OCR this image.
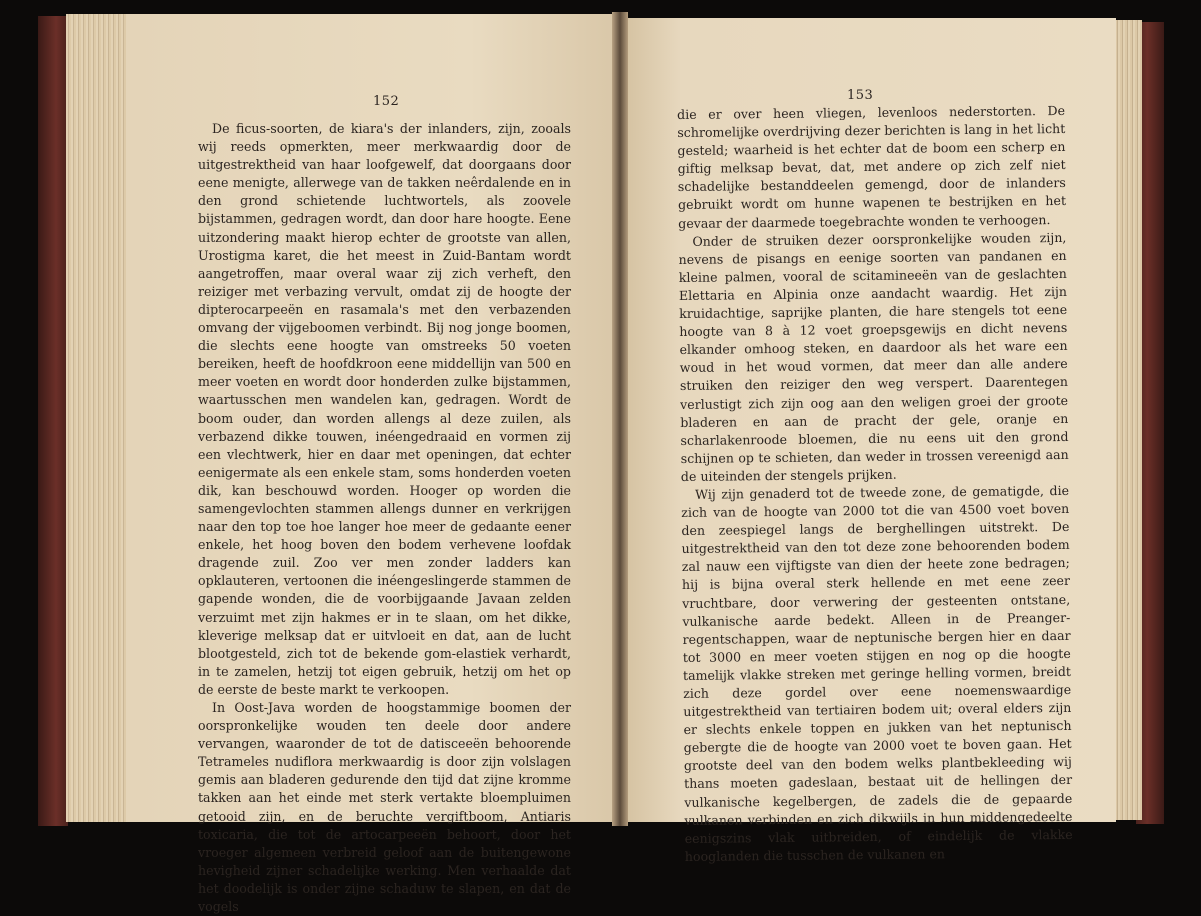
152

De ficus-soorten, de kiara's der inlanders, zijn, zooals wij reeds opmerkten, meer merkwaardig door de uitgestrektheid van haar loofgewelf, dat doorgaans door eene menigte, allerwege van de takken neêrdalende en in den grond schietende luchtwortels, als zoovele bijstammen, gedragen wordt, dan door hare hoogte. Eene uitzondering maakt hierop echter de grootste van allen, Urostigma karet, die het meest in Zuid-Bantam wordt aangetroffen, maar overal waar zij zich verheft, den reiziger met verbazing vervult, omdat zij de hoogte der dipterocarpeeën en rasamala's met den verbazenden omvang der vijgeboomen verbindt. Bij nog jonge boomen, die slechts eene hoogte van omstreeks 50 voeten bereiken, heeft de hoofdkroon eene middellijn van 500 en meer voeten en wordt door honderden zulke bijstammen, waartusschen men wandelen kan, gedragen. Wordt de boom ouder, dan worden allengs al deze zuilen, als verbazend dikke touwen, inéengedraaid en vormen zij een vlechtwerk, hier en daar met openingen, dat echter eenigermate als een enkele stam, soms honderden voeten dik, kan beschouwd worden. Hooger op worden die samengevlochten stammen allengs dunner en verkrijgen naar den top toe hoe langer hoe meer de gedaante eener enkele, het hoog boven den bodem verhevene loofdak dragende zuil. Zoo ver men zonder ladders kan opklauteren, vertoonen die inéengeslingerde stammen de gapende wonden, die de voorbijgaande Javaan zelden verzuimt met zijn hakmes er in te slaan, om het dikke, kleverige melksap dat er uitvloeit en dat, aan de lucht blootgesteld, zich tot de bekende gom-elastiek verhardt, in te zamelen, hetzij tot eigen gebruik, hetzij om het op de eerste de beste markt te verkoopen.

In Oost-Java worden de hoogstammige boomen der oorspronkelijke wouden ten deele door andere vervangen, waaronder de tot de datisceeën behoorende Tetrameles nudiflora merkwaardig is door zijn volslagen gemis aan bladeren gedurende den tijd dat zijne kromme takken aan het einde met sterk vertakte bloempluimen getooid zijn, en de beruchte vergiftboom, Antiaris toxicaria, die tot de artocarpeeën behoort, door het vroeger algemeen verbreid geloof aan de buitengewone hevigheid zijner schadelijke werking. Men verhaalde dat het doodelijk is onder zijne schaduw te slapen, en dat de vogels

153

die er over heen vliegen, levenloos nederstorten. De schromelijke overdrijving dezer berichten is lang in het licht gesteld; waarheid is het echter dat de boom een scherp en giftig melksap bevat, dat, met andere op zich zelf niet schadelijke bestanddeelen gemengd, door de inlanders gebruikt wordt om hunne wapenen te bestrijken en het gevaar der daarmede toegebrachte wonden te verhoogen.

Onder de struiken dezer oorspronkelijke wouden zijn, nevens de pisangs en eenige soorten van pandanen en kleine palmen, vooral de scitamineeën van de geslachten Elettaria en Alpinia onze aandacht waardig. Het zijn kruidachtige, saprijke planten, die hare stengels tot eene hoogte van 8 à 12 voet groepsgewijs en dicht nevens elkander omhoog steken, en daardoor als het ware een woud in het woud vormen, dat meer dan alle andere struiken den reiziger den weg verspert. Daarentegen verlustigt zich zijn oog aan den weligen groei der groote bladeren en aan de pracht der gele, oranje en scharlakenroode bloemen, die nu eens uit den grond schijnen op te schieten, dan weder in trossen vereenigd aan de uiteinden der stengels prijken.

Wij zijn genaderd tot de tweede zone, de gematigde, die zich van de hoogte van 2000 tot die van 4500 voet boven den zeespiegel langs de berghellingen uitstrekt. De uitgestrektheid van den tot deze zone behoorenden bodem zal nauw een vijftigste van dien der heete zone bedragen; hij is bijna overal sterk hellende en met eene zeer vruchtbare, door verwering der gesteenten ontstane, vulkanische aarde bedekt. Alleen in de Preanger-regentschappen, waar de neptunische bergen hier en daar tot 3000 en meer voeten stijgen en nog op die hoogte tamelijk vlakke streken met geringe helling vormen, breidt zich deze gordel over eene noemenswaardige uitgestrektheid van tertiairen bodem uit; overal elders zijn er slechts enkele toppen en jukken van het neptunisch gebergte die de hoogte van 2000 voet te boven gaan. Het grootste deel van den bodem welks plantbekleeding wij thans moeten gadeslaan, bestaat uit de hellingen der vulkanische kegelbergen, de zadels die de gepaarde vulkanen verbinden en zich dikwijls in hun middengedeelte eenigszins vlak uitbreiden, of eindelijk de vlakke hooglanden die tusschen de vulkanen en
